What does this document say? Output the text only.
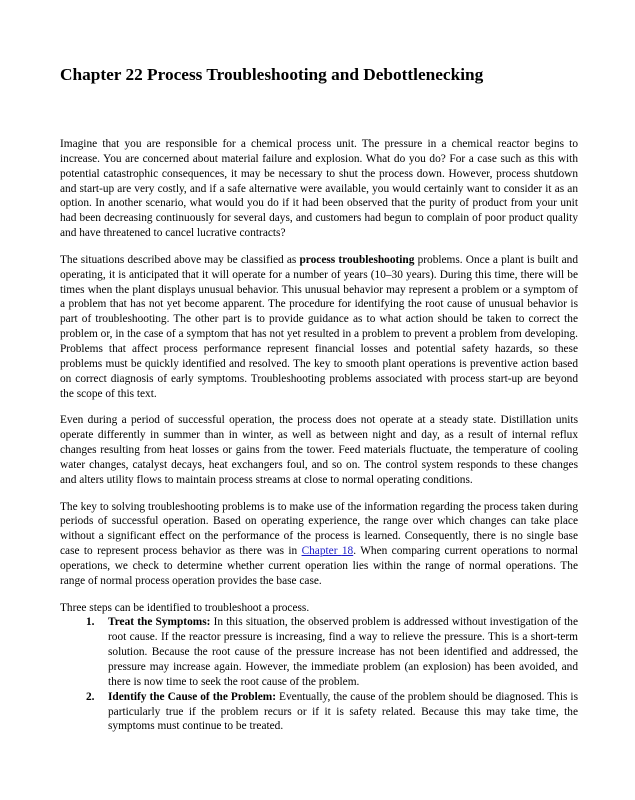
Chapter 22 Process Troubleshooting and Debottlenecking

Imagine that you are responsible for a chemical process unit. The pressure in a chemical reactor begins to increase. You are concerned about material failure and explosion. What do you do? For a case such as this with potential catastrophic consequences, it may be necessary to shut the process down. However, process shutdown and start-up are very costly, and if a safe alternative were available, you would certainly want to consider it as an option. In another scenario, what would you do if it had been observed that the purity of product from your unit had been decreasing continuously for several days, and customers had begun to complain of poor product quality and have threatened to cancel lucrative contracts?

The situations described above may be classified as process troubleshooting problems. Once a plant is built and operating, it is anticipated that it will operate for a number of years (10–30 years). During this time, there will be times when the plant displays unusual behavior. This unusual behavior may represent a problem or a symptom of a problem that has not yet become apparent. The procedure for identifying the root cause of unusual behavior is part of troubleshooting. The other part is to provide guidance as to what action should be taken to correct the problem or, in the case of a symptom that has not yet resulted in a problem to prevent a problem from developing. Problems that affect process performance represent financial losses and potential safety hazards, so these problems must be quickly identified and resolved. The key to smooth plant operations is preventive action based on correct diagnosis of early symptoms. Troubleshooting problems associated with process start-up are beyond the scope of this text.

Even during a period of successful operation, the process does not operate at a steady state. Distillation units operate differently in summer than in winter, as well as between night and day, as a result of internal reflux changes resulting from heat losses or gains from the tower. Feed materials fluctuate, the temperature of cooling water changes, catalyst decays, heat exchangers foul, and so on. The control system responds to these changes and alters utility flows to maintain process streams at close to normal operating conditions.

The key to solving troubleshooting problems is to make use of the information regarding the process taken during periods of successful operation. Based on operating experience, the range over which changes can take place without a significant effect on the performance of the process is learned. Consequently, there is no single base case to represent process behavior as there was in Chapter 18. When comparing current operations to normal operations, we check to determine whether current operation lies within the range of normal operations. The range of normal process operation provides the base case.

Three steps can be identified to troubleshoot a process.

1. Treat the Symptoms: In this situation, the observed problem is addressed without investigation of the root cause. If the reactor pressure is increasing, find a way to relieve the pressure. This is a short-term solution. Because the root cause of the pressure increase has not been identified and addressed, the pressure may increase again. However, the immediate problem (an explosion) has been avoided, and there is now time to seek the root cause of the problem.
2. Identify the Cause of the Problem: Eventually, the cause of the problem should be diagnosed. This is particularly true if the problem recurs or if it is safety related. Because this may take time, the symptoms must continue to be treated.
